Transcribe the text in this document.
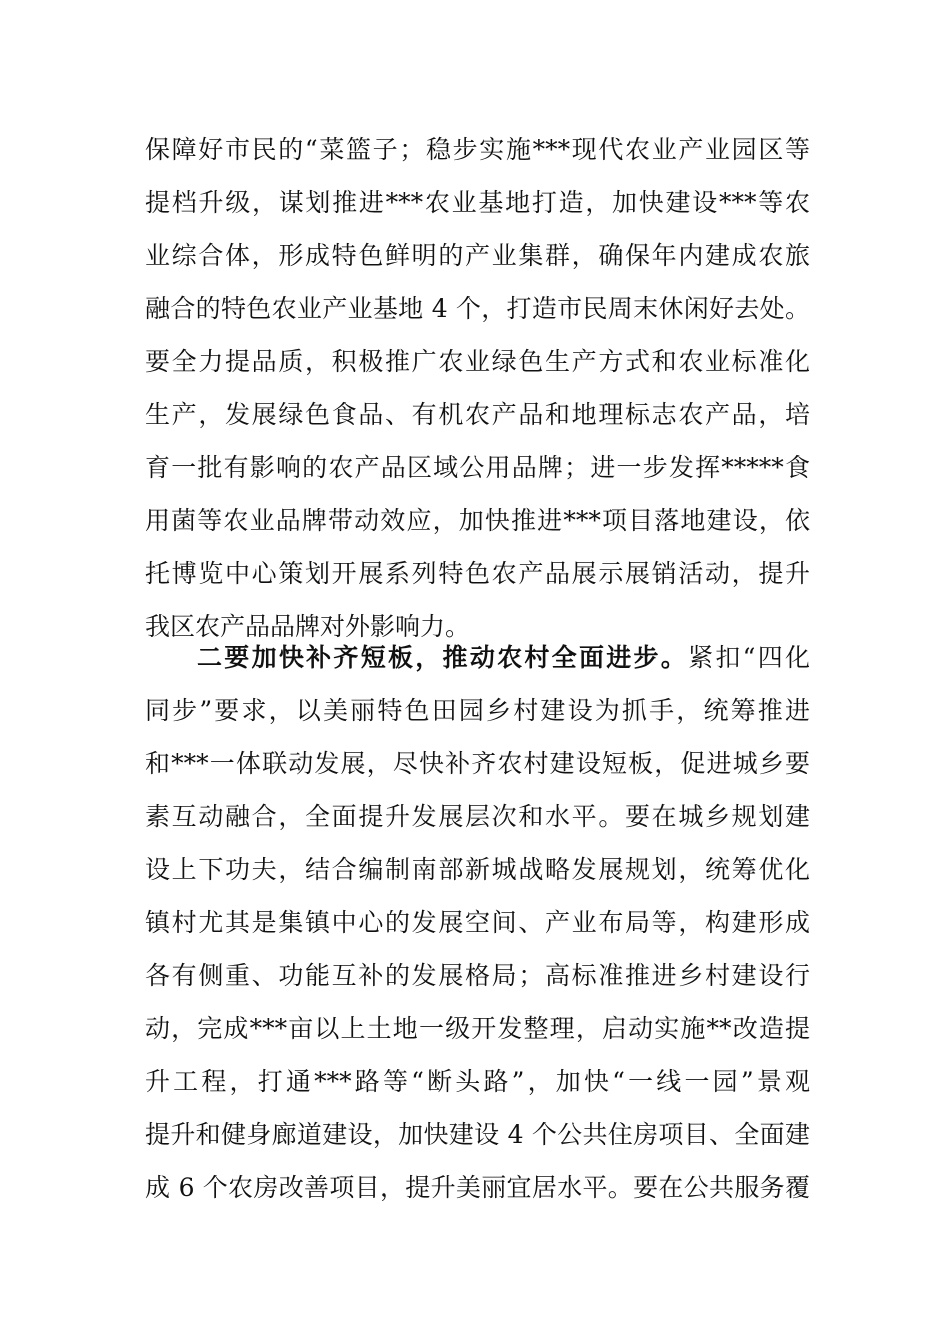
保障好市民的“菜篮子；稳步实施***现代农业产业园区等
提档升级，谋划推进***农业基地打造，加快建设***等农
业综合体，形成特色鲜明的产业集群，确保年内建成农旅
融合的特色农业产业基地 4 个，打造市民周末休闲好去处。
要全力提品质，积极推广农业绿色生产方式和农业标准化
生产，发展绿色食品、有机农产品和地理标志农产品，培
育一批有影响的农产品区域公用品牌；进一步发挥*****食
用菌等农业品牌带动效应，加快推进***项目落地建设，依
托博览中心策划开展系列特色农产品展示展销活动，提升
我区农产品品牌对外影响力。
二要加快补齐短板，推动农村全面进步。紧扣“四化
同步”要求，以美丽特色田园乡村建设为抓手，统筹推进
和***一体联动发展，尽快补齐农村建设短板，促进城乡要
素互动融合，全面提升发展层次和水平。要在城乡规划建
设上下功夫，结合编制南部新城战略发展规划，统筹优化
镇村尤其是集镇中心的发展空间、产业布局等，构建形成
各有侧重、功能互补的发展格局；高标准推进乡村建设行
动，完成***亩以上土地一级开发整理，启动实施**改造提
升工程，打通***路等“断头路”，加快“一线一园”景观
提升和健身廊道建设，加快建设 4 个公共住房项目、全面建
成 6 个农房改善项目，提升美丽宜居水平。要在公共服务覆
